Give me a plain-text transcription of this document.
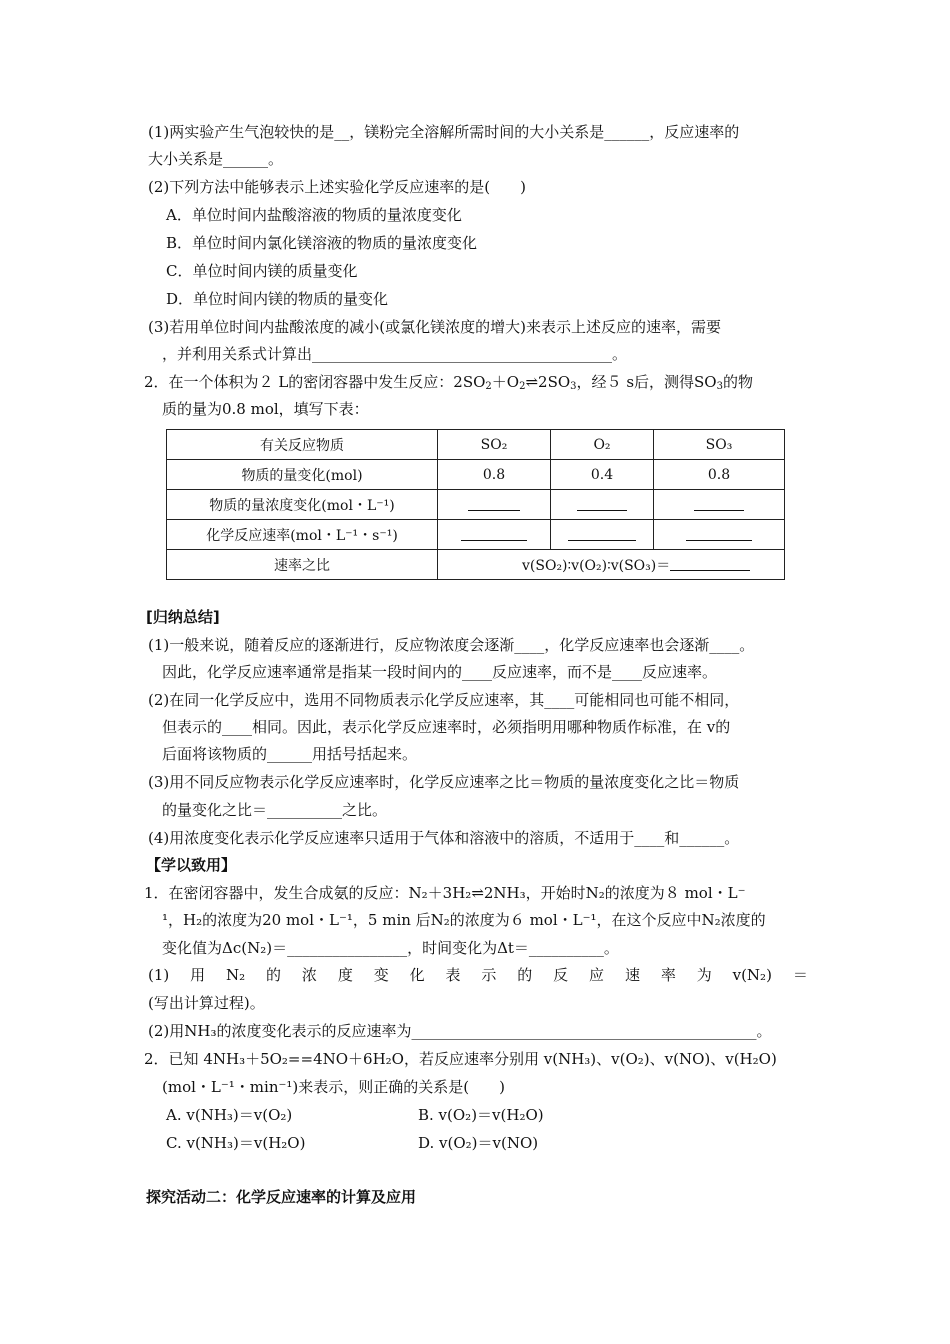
(1)两实验产生气泡较快的是__，镁粉完全溶解所需时间的大小关系是______，反应速率的
大小关系是______。
(2)下列方法中能够表示上述实验化学反应速率的是(　　)
A．单位时间内盐酸溶液的物质的量浓度变化
B．单位时间内氯化镁溶液的物质的量浓度变化
C．单位时间内镁的质量变化
D．单位时间内镁的物质的量变化
(3)若用单位时间内盐酸浓度的减小(或氯化镁浓度的增大)来表示上述反应的速率，需要
，并利用关系式计算出________________________________________。
2．在一个体积为２ L的密闭容器中发生反应：$2SO_2+O_2\rightleftharpoons 2SO_3$，经５ s后，测得$SO_3$的物
质的量为0.8 mol，填写下表：
有关反应物质	SO₂	O₂	SO₃
物质的量变化(mol)	0.8	0.4	0.8
物质的量浓度变化(mol・L⁻¹)			
化学反应速率(mol・L⁻¹・s⁻¹)			
速率之比	v(SO₂)∶v(O₂)∶v(SO₃)＝		
[归纳总结]
(1)一般来说，随着反应的逐渐进行，反应物浓度会逐渐____，化学反应速率也会逐渐____。
因此，化学反应速率通常是指某一段时间内的____反应速率，而不是____反应速率。
(2)在同一化学反应中，选用不同物质表示化学反应速率，其____可能相同也可能不相同，
但表示的____相同。因此，表示化学反应速率时，必须指明用哪种物质作标准，在 v的
后面将该物质的______用括号括起来。
(3)用不同反应物表示化学反应速率时，化学反应速率之比＝物质的量浓度变化之比＝物质
的量变化之比＝__________之比。
(4)用浓度变化表示化学反应速率只适用于气体和溶液中的溶质，不适用于____和______。
【学以致用】
1．在密闭容器中，发生合成氨的反应：N₂＋3H₂⇌2NH₃，开始时N₂的浓度为８ mol・L⁻
¹，H₂的浓度为20 mol・L⁻¹，5 min 后N₂的浓度为６ mol・L⁻¹，在这个反应中N₂浓度的
变化值为Δc(N₂)＝________________，时间变化为Δt＝__________。
(1) 用 N₂ 的 浓 度 变 化 表 示 的 反 应 速 率 为 v(N₂) ＝
(写出计算过程)。
(2)用NH₃的浓度变化表示的反应速率为______________________________________________。
2．已知 4NH₃＋5O₂==4NO＋6H₂O，若反应速率分别用 v(NH₃)、v(O₂)、v(NO)、v(H₂O)
(mol・L⁻¹・min⁻¹)来表示，则正确的关系是(　　)
A. v(NH₃)＝v(O₂)	B. v(O₂)＝v(H₂O)
C. v(NH₃)＝v(H₂O)	D. v(O₂)＝v(NO)
探究活动二：化学反应速率的计算及应用
